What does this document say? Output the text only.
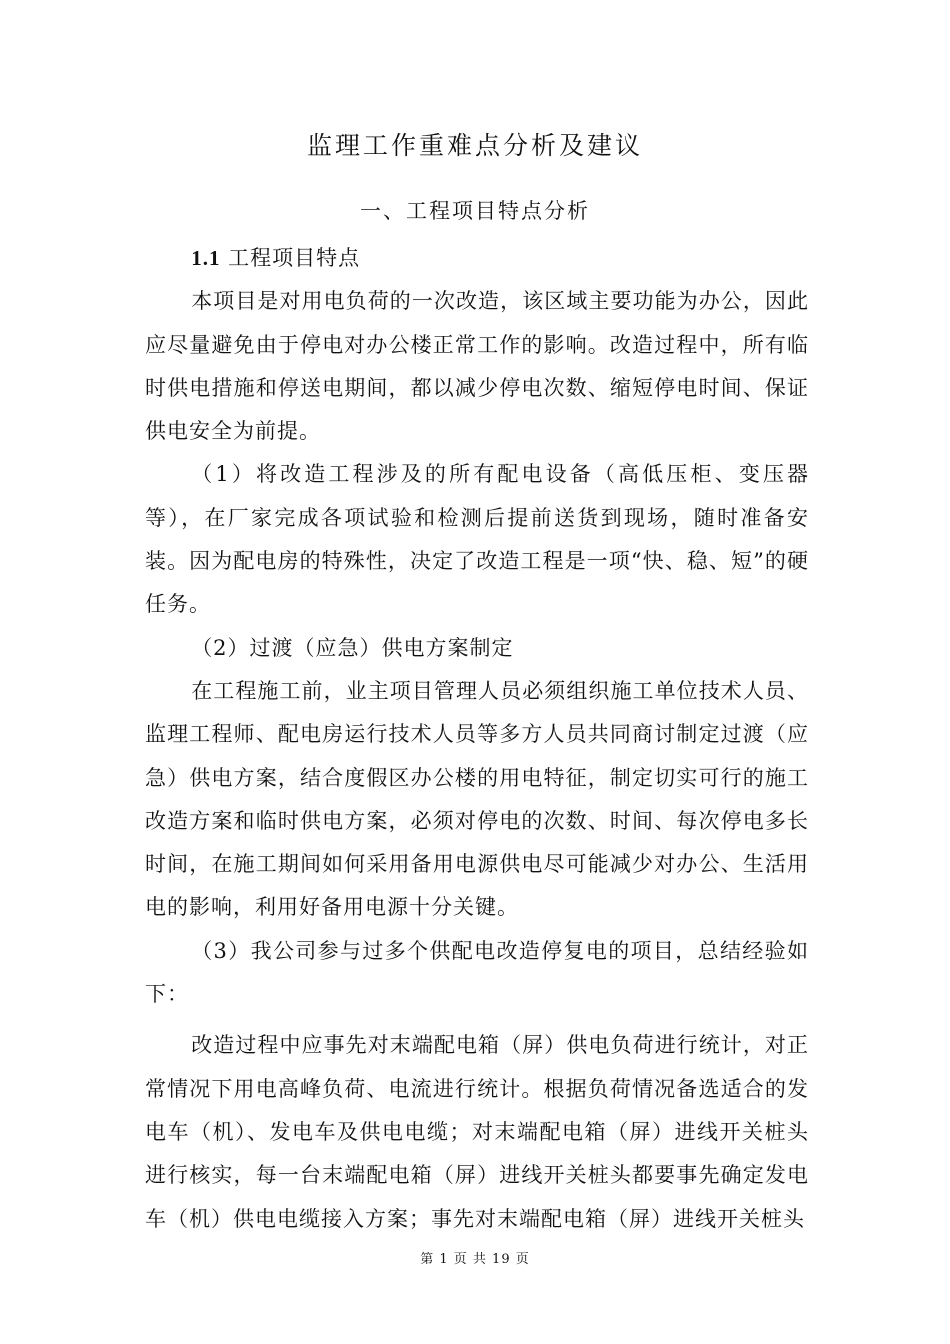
监理工作重难点分析及建议
一、工程项目特点分析

1.1 工程项目特点

本项目是对用电负荷的一次改造，该区域主要功能为办公，因此应尽量避免由于停电对办公楼正常工作的影响。改造过程中，所有临时供电措施和停送电期间，都以减少停电次数、缩短停电时间、保证供电安全为前提。

（1）将改造工程涉及的所有配电设备（高低压柜、变压器等），在厂家完成各项试验和检测后提前送货到现场，随时准备安装。因为配电房的特殊性，决定了改造工程是一项“快、稳、短”的硬任务。

（2）过渡（应急）供电方案制定

在工程施工前，业主项目管理人员必须组织施工单位技术人员、监理工程师、配电房运行技术人员等多方人员共同商讨制定过渡（应急）供电方案，结合度假区办公楼的用电特征，制定切实可行的施工改造方案和临时供电方案，必须对停电的次数、时间、每次停电多长时间，在施工期间如何采用备用电源供电尽可能减少对办公、生活用电的影响，利用好备用电源十分关键。

（3）我公司参与过多个供配电改造停复电的项目，总结经验如下：

改造过程中应事先对末端配电箱（屏）供电负荷进行统计，对正常情况下用电高峰负荷、电流进行统计。根据负荷情况备选适合的发电车（机）、发电车及供电电缆；对末端配电箱（屏）进线开关桩头进行核实，每一台末端配电箱（屏）进线开关桩头都要事先确定发电车（机）供电电缆接入方案；事先对末端配电箱（屏）进线开关桩头

第 1 页 共 19 页
